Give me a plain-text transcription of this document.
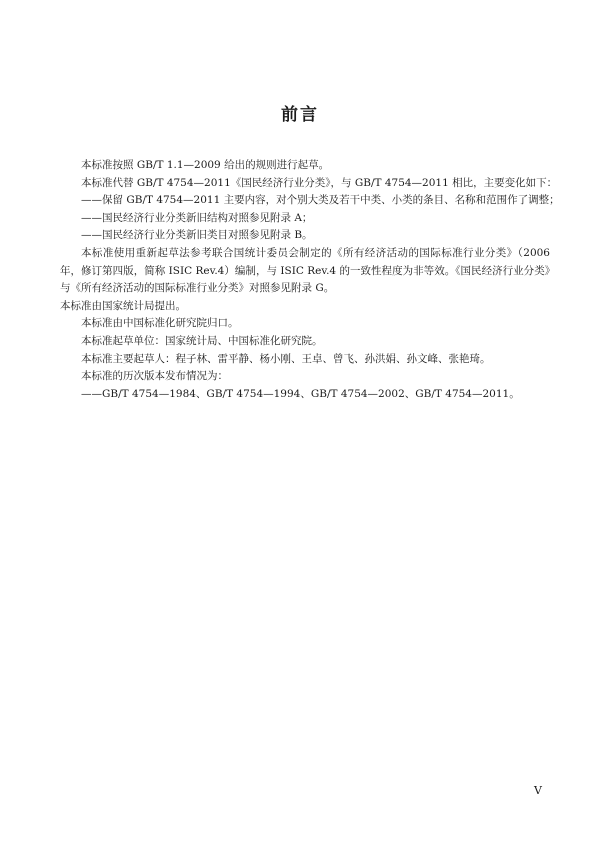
前言

本标准按照 GB/T 1.1—2009 给出的规则进行起草。

本标准代替 GB/T 4754—2011《国民经济行业分类》，与 GB/T 4754—2011 相比，主要变化如下：

——保留 GB/T 4754—2011 主要内容，对个别大类及若干中类、小类的条目、名称和范围作了调整；

——国民经济行业分类新旧结构对照参见附录 A；

——国民经济行业分类新旧类目对照参见附录 B。

本标准使用重新起草法参考联合国统计委员会制定的《所有经济活动的国际标准行业分类》（2006 年，修订第四版，简称 ISIC Rev.4）编制，与 ISIC Rev.4 的一致性程度为非等效。《国民经济行业分类》与《所有经济活动的国际标准行业分类》对照参见附录 G。

本标准由国家统计局提出。

本标准由中国标准化研究院归口。

本标准起草单位：国家统计局、中国标准化研究院。

本标准主要起草人：程子林、雷平静、杨小刚、王卓、曾飞、孙洪娟、孙文峰、张艳琦。

本标准的历次版本发布情况为：

——GB/T 4754—1984、GB/T 4754—1994、GB/T 4754—2002、GB/T 4754—2011。

V
